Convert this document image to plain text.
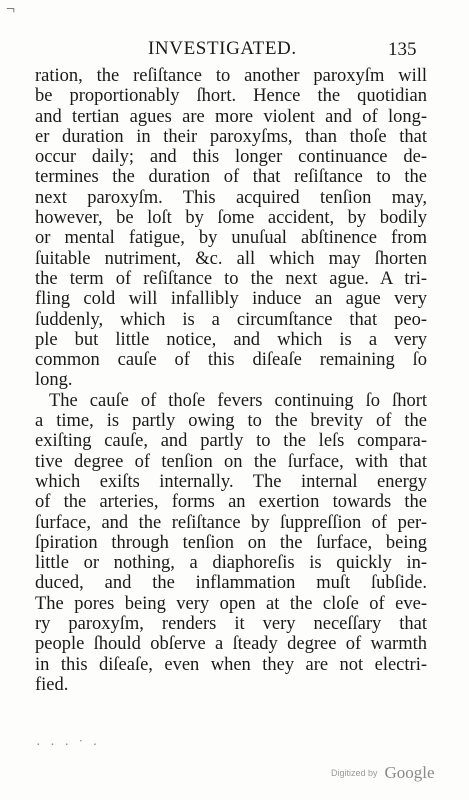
¬
INVESTIGATED.	135
ration, the reſiſtance to another paroxyſm will
be proportionably ſhort. Hence the quotidian
and tertian agues are more violent and of long-
er duration in their paroxyſms, than thoſe that
occur daily; and this longer continuance de-
termines the duration of that reſiſtance to the
next paroxyſm. This acquired tenſion may,
however, be loſt by ſome accident, by bodily
or mental fatigue, by unuſual abſtinence from
ſuitable nutriment, &c. all which may ſhorten
the term of reſiſtance to the next ague. A tri-
fling cold will infallibly induce an ague very
ſuddenly, which is a circumſtance that peo-
ple but little notice, and which is a very
common cauſe of this diſeaſe remaining ſo
long.
The cauſe of thoſe fevers continuing ſo ſhort
a time, is partly owing to the brevity of the
exiſting cauſe, and partly to the leſs compara-
tive degree of tenſion on the ſurface, with that
which exiſts internally. The internal energy
of the arteries, forms an exertion towards the
ſurface, and the reſiſtance by ſuppreſſion of per-
ſpiration through tenſion on the ſurface, being
little or nothing, a diaphoreſis is quickly in-
duced, and the inflammation muſt ſubſide.
The pores being very open at the cloſe of eve-
ry paroxyſm, renders it very neceſſary that
people ſhould obſerve a ſteady degree of warmth
in this diſeaſe, even when they are not electri-
fied.
· · · ˙ ·
Digitized by Google
